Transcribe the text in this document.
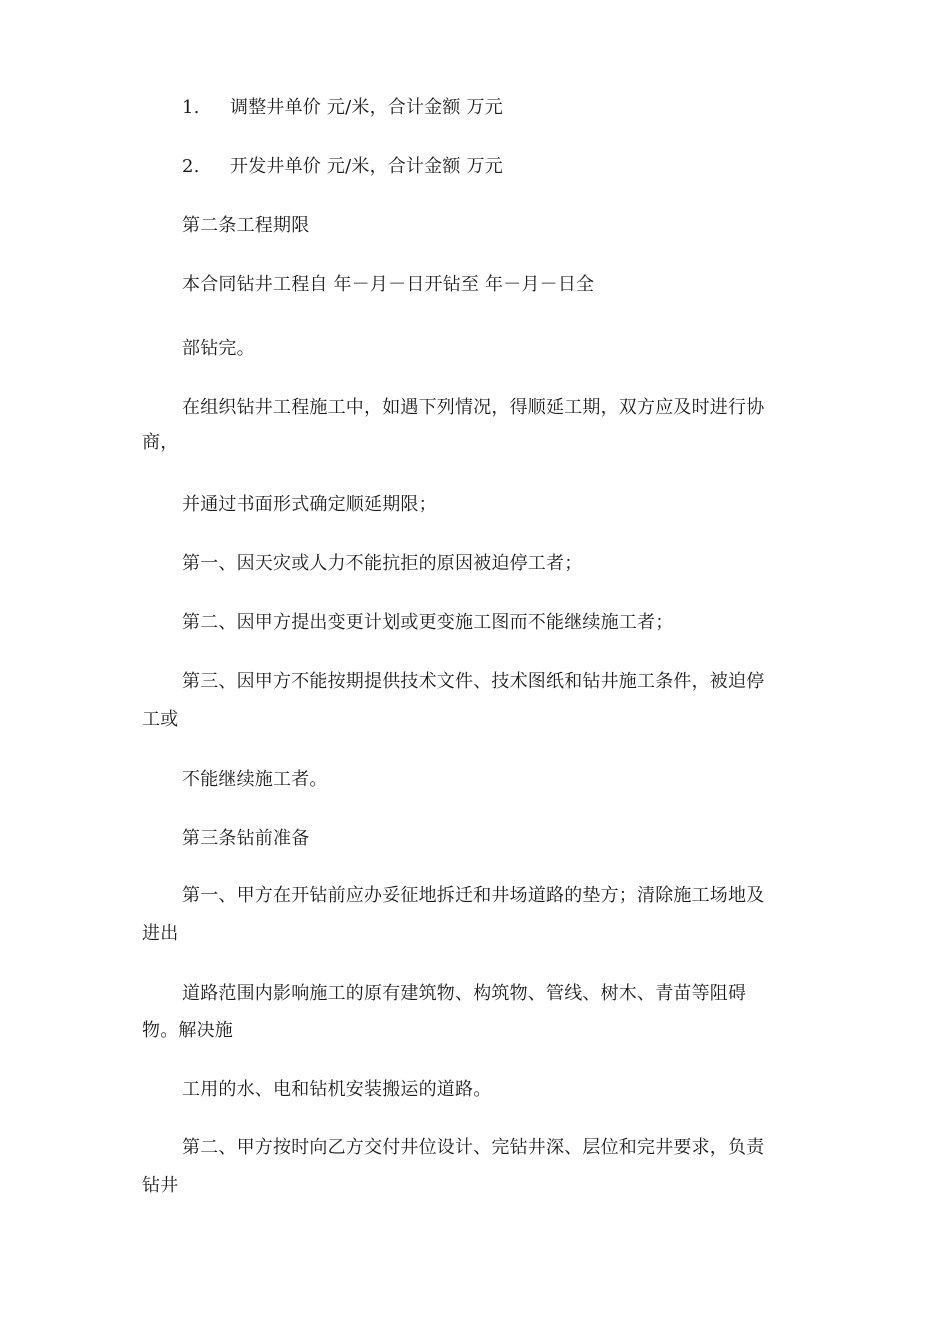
1. 调整井单价 元/米，合计金额 万元
2. 开发井单价 元/米，合计金额 万元
第二条工程期限
本合同钻井工程自 年－月－日开钻至 年－月－日全
部钻完。
在组织钻井工程施工中，如遇下列情况，得顺延工期，双方应及时进行协
商，
并通过书面形式确定顺延期限；
第一、因天灾或人力不能抗拒的原因被迫停工者；
第二、因甲方提出变更计划或更变施工图而不能继续施工者；
第三、因甲方不能按期提供技术文件、技术图纸和钻井施工条件，被迫停
工或
不能继续施工者。
第三条钻前准备
第一、甲方在开钻前应办妥征地拆迁和井场道路的垫方；清除施工场地及
进出
道路范围内影响施工的原有建筑物、构筑物、管线、树木、青苗等阻碍
物。解决施
工用的水、电和钻机安装搬运的道路。
第二、甲方按时向乙方交付井位设计、完钻井深、层位和完井要求，负责
钻井
